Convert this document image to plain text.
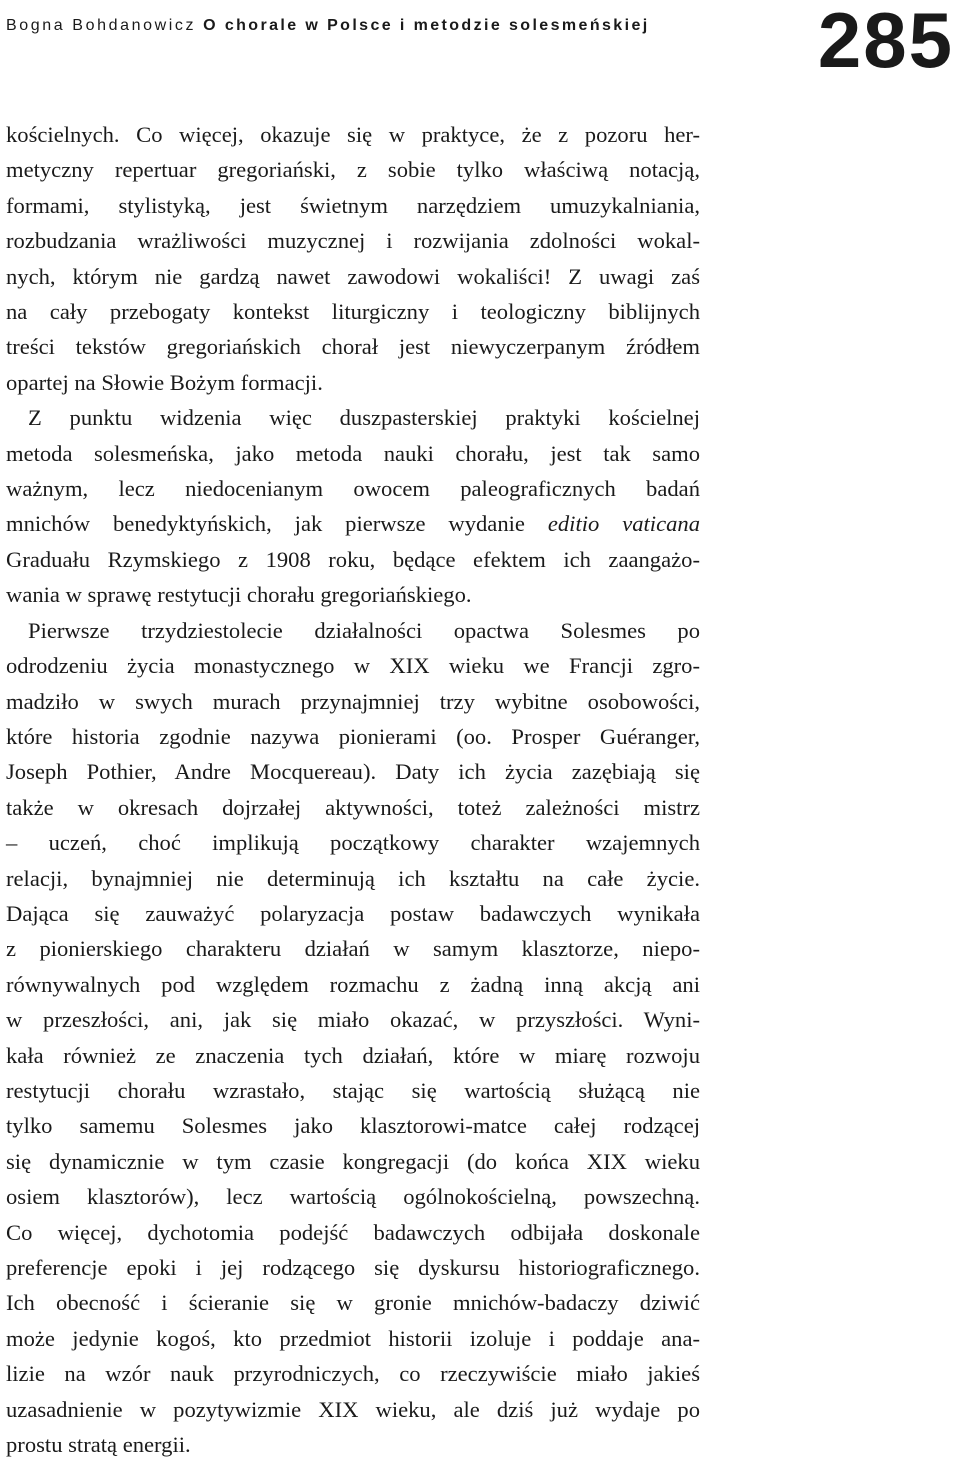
Bogna Bohdanowicz O chorale w Polsce i metodzie solesmeńskiej 285
kościelnych. Co więcej, okazuje się w praktyce, że z pozoru her-
metyczny repertuar gregoriański, z sobie tylko właściwą notacją,
formami, stylistyką, jest świetnym narzędziem umuzykalniania,
rozbudzania wrażliwości muzycznej i rozwijania zdolności wokal-
nych, którym nie gardzą nawet zawodowi wokaliści! Z uwagi zaś
na cały przebogaty kontekst liturgiczny i teologiczny biblijnych
treści tekstów gregoriańskich chorał jest niewyczerpanym źródłem
opartej na Słowie Bożym formacji.
Z punktu widzenia więc duszpasterskiej praktyki kościelnej
metoda solesmeńska, jako metoda nauki chorału, jest tak samo
ważnym, lecz niedocenianym owocem paleograficznych badań
mnichów benedyktyńskich, jak pierwsze wydanie editio vaticana
Graduału Rzymskiego z 1908 roku, będące efektem ich zaangażo-
wania w sprawę restytucji chorału gregoriańskiego.
Pierwsze trzydziestolecie działalności opactwa Solesmes po
odrodzeniu życia monastycznego w XIX wieku we Francji zgro-
madziło w swych murach przynajmniej trzy wybitne osobowości,
które historia zgodnie nazywa pionierami (oo. Prosper Guéranger,
Joseph Pothier, Andre Mocquereau). Daty ich życia zazębiają się
także w okresach dojrzałej aktywności, toteż zależności mistrz
– uczeń, choć implikują początkowy charakter wzajemnych
relacji, bynajmniej nie determinują ich kształtu na całe życie.
Dająca się zauważyć polaryzacja postaw badawczych wynikała
z pionierskiego charakteru działań w samym klasztorze, niepo-
równywalnych pod względem rozmachu z żadną inną akcją ani
w przeszłości, ani, jak się miało okazać, w przyszłości. Wyni-
kała również ze znaczenia tych działań, które w miarę rozwoju
restytucji chorału wzrastało, stając się wartością służącą nie
tylko samemu Solesmes jako klasztorowi-matce całej rodzącej
się dynamicznie w tym czasie kongregacji (do końca XIX wieku
osiem klasztorów), lecz wartością ogólnokościelną, powszechną.
Co więcej, dychotomia podejść badawczych odbijała doskonale
preferencje epoki i jej rodzącego się dyskursu historiograficznego.
Ich obecność i ścieranie się w gronie mnichów-badaczy dziwić
może jedynie kogoś, kto przedmiot historii izoluje i poddaje ana-
lizie na wzór nauk przyrodniczych, co rzeczywiście miało jakieś
uzasadnienie w pozytywizmie XIX wieku, ale dziś już wydaje po
prostu stratą energii.
